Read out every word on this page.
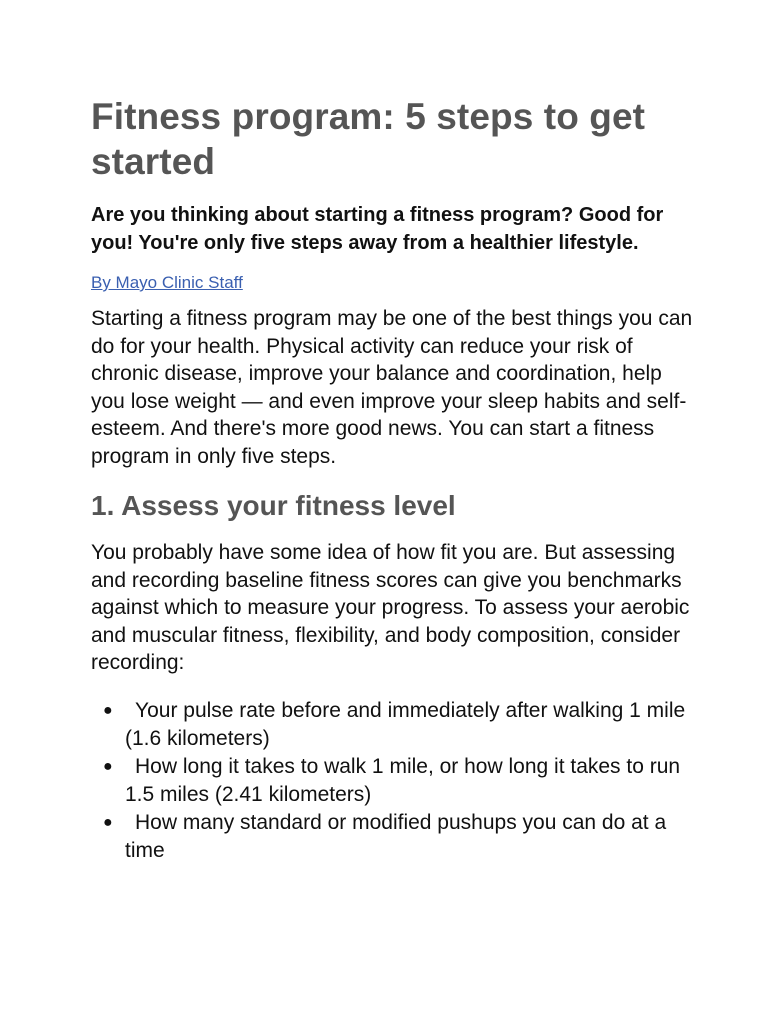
Fitness program: 5 steps to get started

Are you thinking about starting a fitness program? Good for you! You're only five steps away from a healthier lifestyle.

By Mayo Clinic Staff

Starting a fitness program may be one of the best things you can do for your health. Physical activity can reduce your risk of chronic disease, improve your balance and coordination, help you lose weight — and even improve your sleep habits and self-esteem. And there's more good news. You can start a fitness program in only five steps.

1. Assess your fitness level

You probably have some idea of how fit you are. But assessing and recording baseline fitness scores can give you benchmarks against which to measure your progress. To assess your aerobic and muscular fitness, flexibility, and body composition, consider recording:

●	Your pulse rate before and immediately after walking 1 mile (1.6 kilometers)
●	How long it takes to walk 1 mile, or how long it takes to run 1.5 miles (2.41 kilometers)
●	How many standard or modified pushups you can do at a time
